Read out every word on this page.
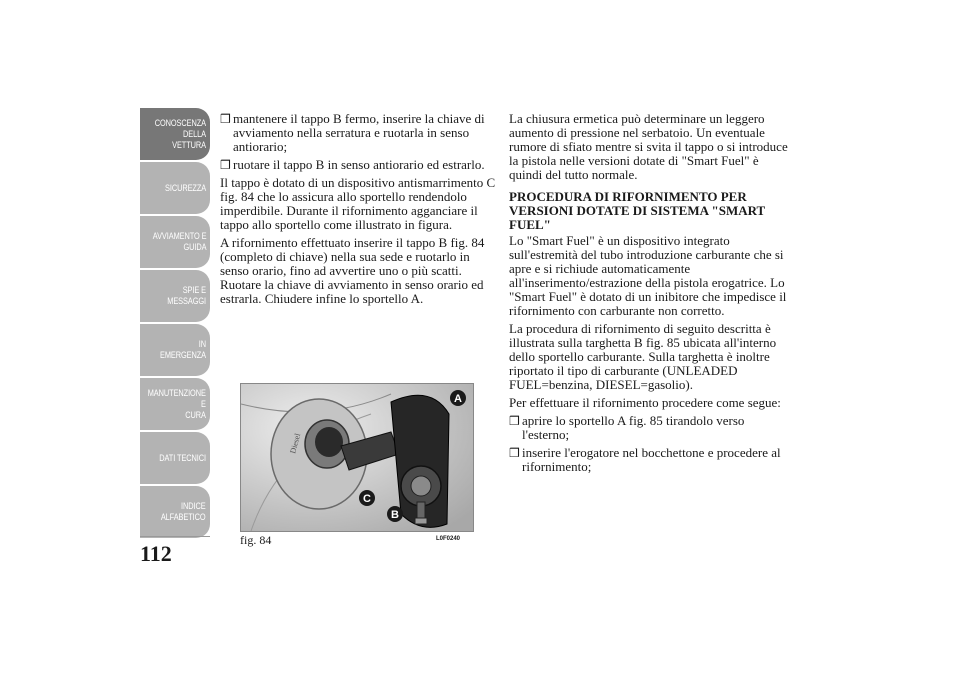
CONOSCENZA
DELLA VETTURA
SICUREZZA
AVVIAMENTO E
GUIDA
SPIE E MESSAGGI
IN EMERGENZA
MANUTENZIONE E
CURA
DATI TECNICI
INDICE
ALFABETICO
112
❒ mantenere il tappo B fermo, inserire la chiave di avviamento nella serratura e ruotarla in senso antiorario;
❒ ruotare il tappo B in senso antiorario ed estrarlo.

Il tappo è dotato di un dispositivo antismarrimento C fig. 84 che lo assicura allo sportello rendendolo imperdibile. Durante il rifornimento agganciare il tappo allo sportello come illustrato in figura.

A rifornimento effettuato inserire il tappo B fig. 84 (completo di chiave) nella sua sede e ruotarlo in senso orario, fino ad avvertire uno o più scatti. Ruotare la chiave di avviamento in senso orario ed estrarla. Chiudere infine lo sportello A.

La chiusura ermetica può determinare un leggero aumento di pressione nel serbatoio. Un eventuale rumore di sfiato mentre si svita il tappo o si introduce la pistola nelle versioni dotate di "Smart Fuel" è quindi del tutto normale.

PROCEDURA DI RIFORNIMENTO PER VERSIONI DOTATE DI SISTEMA "SMART FUEL"

Lo "Smart Fuel" è un dispositivo integrato sull'estremità del tubo introduzione carburante che si apre e si richiude automaticamente all'inserimento/estrazione della pistola erogatrice. Lo "Smart Fuel" è dotato di un inibitore che impedisce il rifornimento con carburante non corretto.

La procedura di rifornimento di seguito descritta è illustrata sulla targhetta B fig. 85 ubicata all'interno dello sportello carburante. Sulla targhetta è inoltre riportato il tipo di carburante (UNLEADED FUEL=benzina, DIESEL=gasolio).

Per effettuare il rifornimento procedere come segue:

❒ aprire lo sportello A fig. 85 tirandolo verso l'esterno;
❒ inserire l'erogatore nel bocchettone e procedere al rifornimento;
Diesel
A
C
B
fig. 84	L0F0240
